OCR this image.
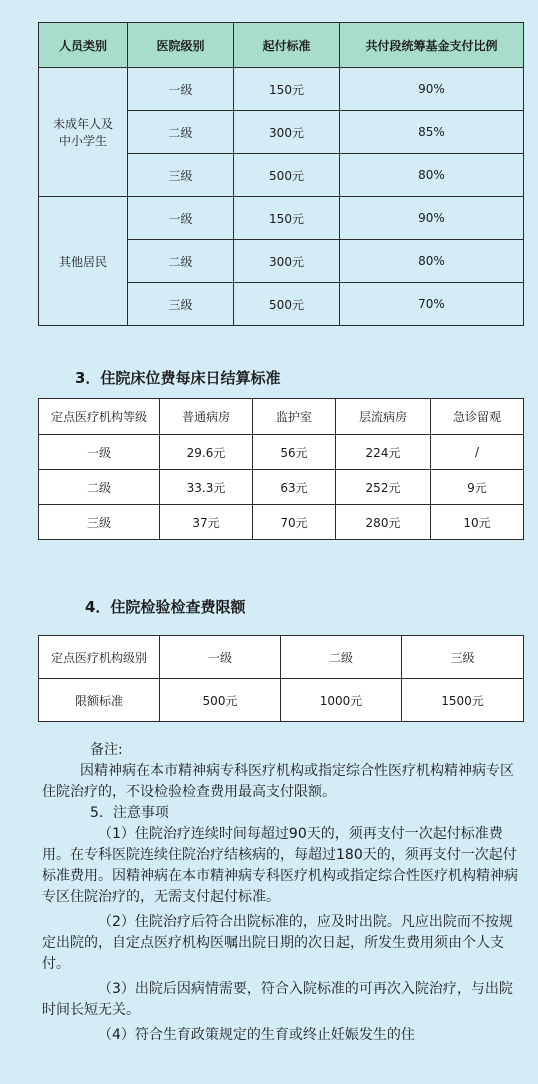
人员类别	医院级别	起付标准	共付段统筹基金支付比例
未成年人及
中小学生	一级	150元	90%
	二级	300元	85%
	三级	500元	80%
其他居民	一级	150元	90%
	二级	300元	80%
	三级	500元	70%
3．住院床位费每床日结算标准
定点医疗机构等级	普通病房	监护室	层流病房	急诊留观
一级	29.6元	56元	224元	/
二级	33.3元	63元	252元	9元
三级	37元	70元	280元	10元
4．住院检验检查费限额
定点医疗机构级别	一级	二级	三级
限额标准	500元	1000元	1500元

备注:

因精神病在本市精神病专科医疗机构或指定综合性医疗机构精神病专区住院治疗的，不设检验检查费用最高支付限额。

5．注意事项

（1）住院治疗连续时间每超过90天的，须再支付一次起付标准费用。在专科医院连续住院治疗结核病的，每超过180天的，须再支付一次起付标准费用。因精神病在本市精神病专科医疗机构或指定综合性医疗机构精神病专区住院治疗的，无需支付起付标准。

（2）住院治疗后符合出院标准的，应及时出院。凡应出院而不按规定出院的，自定点医疗机构医嘱出院日期的次日起，所发生费用须由个人支付。

（3）出院后因病情需要，符合入院标准的可再次入院治疗，与出院时间长短无关。

（4）符合生育政策规定的生育或终止妊娠发生的住
